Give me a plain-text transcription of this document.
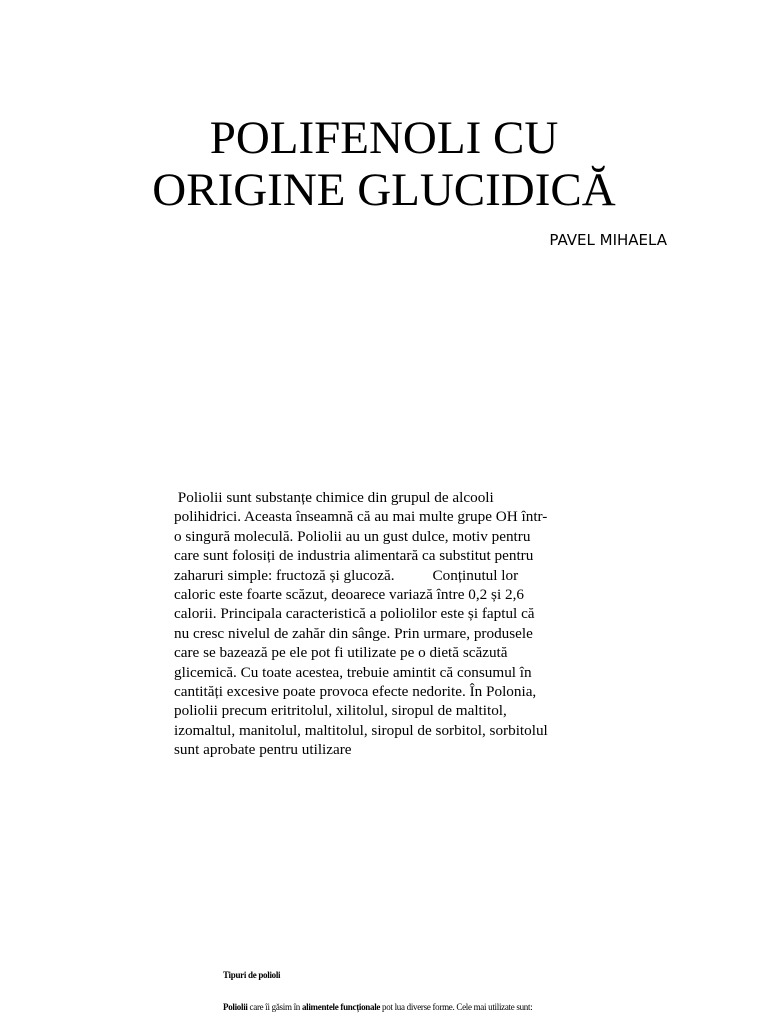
POLIFENOLI CU
ORIGINE GLUCIDICĂ

PAVEL MIHAELA

Poliolii sunt substanțe chimice din grupul de alcooli
polihidrici. Aceasta înseamnă că au mai multe grupe OH într-
o singură moleculă. Poliolii au un gust dulce, motiv pentru
care sunt folosiți de industria alimentară ca substitut pentru
zaharuri simple: fructoză și glucoză.          Conținutul lor
caloric este foarte scăzut, deoarece variază între 0,2 și 2,6
calorii. Principala caracteristică a poliolilor este și faptul că
nu cresc nivelul de zahăr din sânge. Prin urmare, produsele
care se bazează pe ele pot fi utilizate pe o dietă scăzută
glicemică. Cu toate acestea, trebuie amintit că consumul în
cantități excesive poate provoca efecte nedorite. În Polonia,
poliolii precum eritritolul, xilitolul, siropul de maltitol,
izomaltul, manitolul, maltitolul, siropul de sorbitol, sorbitolul
sunt aprobate pentru utilizare

Tipuri de polioli

Poliolii care îi găsim în alimentele funcționale pot lua diverse forme. Cele mai utilizate sunt:
